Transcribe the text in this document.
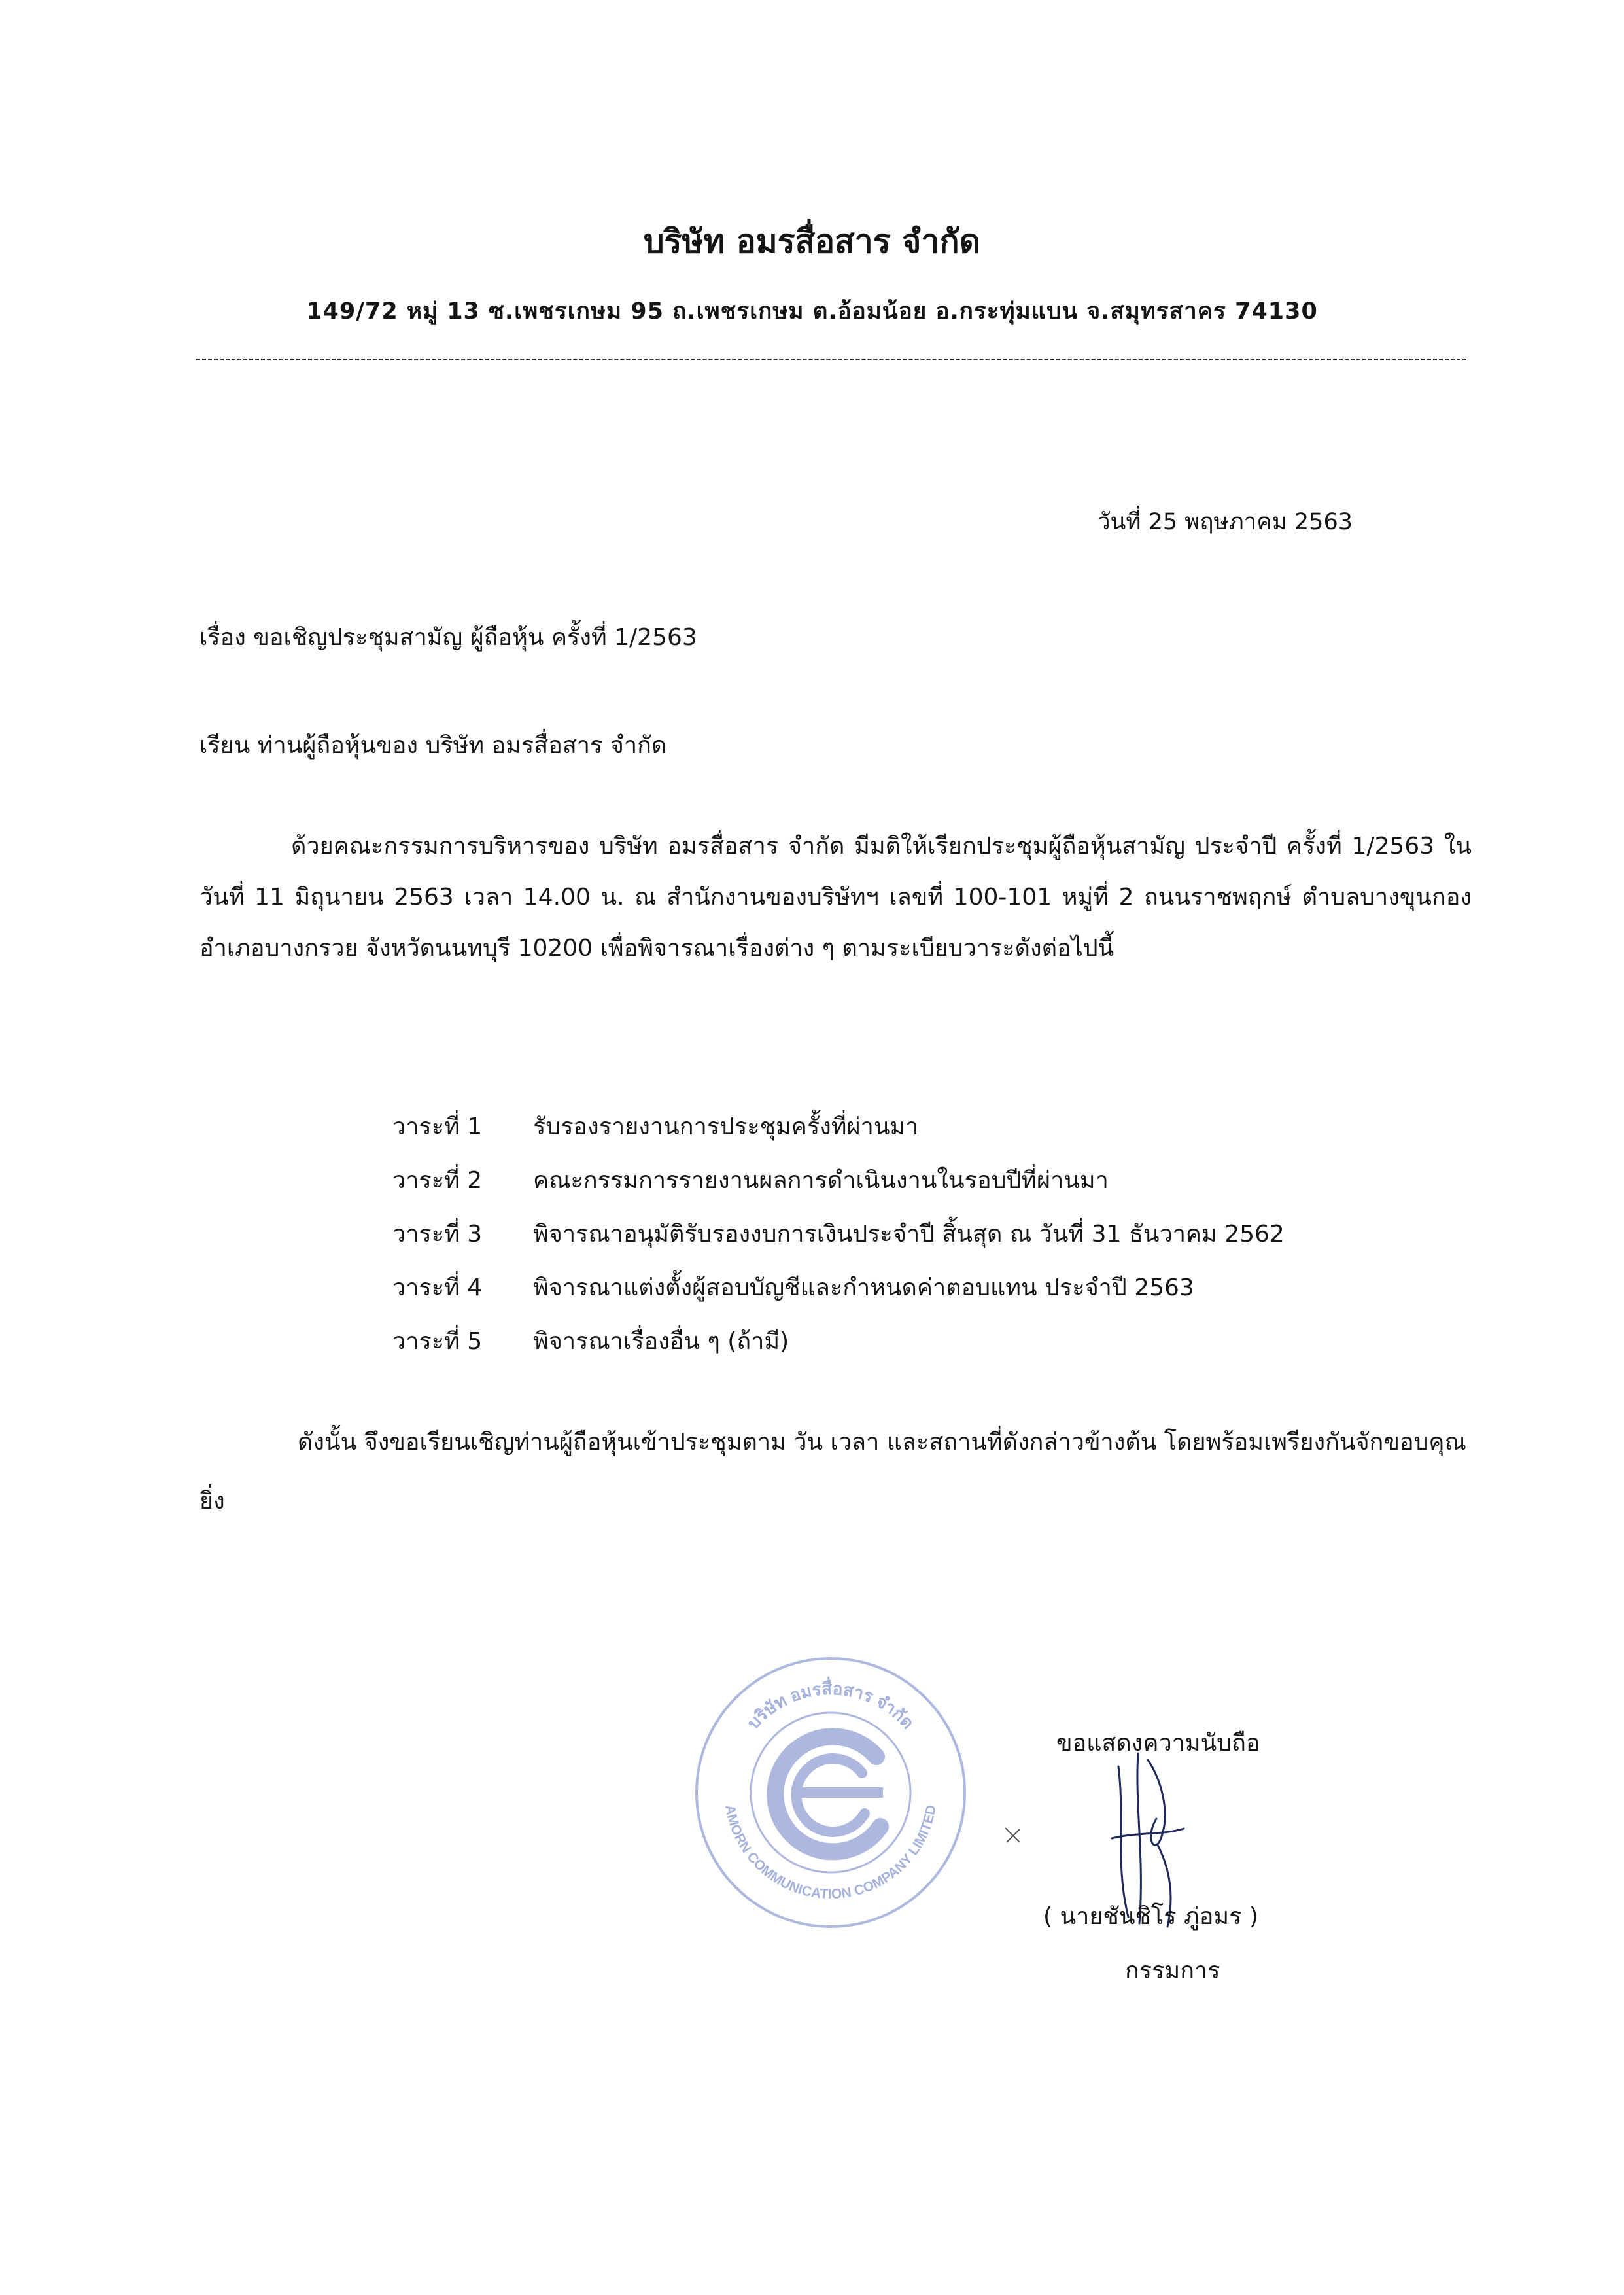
บริษัท อมรสื่อสาร จำกัด
149/72 หมู่ 13 ซ.เพชรเกษม 95 ถ.เพชรเกษม ต.อ้อมน้อย อ.กระทุ่มแบน จ.สมุทรสาคร 74130
วันที่ 25 พฤษภาคม 2563
เรื่อง ขอเชิญประชุมสามัญ ผู้ถือหุ้น ครั้งที่ 1/2563
เรียน ท่านผู้ถือหุ้นของ บริษัท อมรสื่อสาร จำกัด
ด้วยคณะกรรมการบริหารของ บริษัท อมรสื่อสาร จำกัด มีมติให้เรียกประชุมผู้ถือหุ้นสามัญ ประจำปี ครั้งที่ 1/2563 ในวันที่ 11 มิถุนายน 2563 เวลา 14.00 น. ณ สำนักงานของบริษัทฯ เลขที่ 100-101 หมู่ที่ 2 ถนนราชพฤกษ์ ตำบลบางขุนกอง อำเภอบางกรวย จังหวัดนนทบุรี 10200 เพื่อพิจารณาเรื่องต่าง ๆ ตามระเบียบวาระดังต่อไปนี้
วาระที่ 1	รับรองรายงานการประชุมครั้งที่ผ่านมา
วาระที่ 2	คณะกรรมการรายงานผลการดำเนินงานในรอบปีที่ผ่านมา
วาระที่ 3	พิจารณาอนุมัติรับรองงบการเงินประจำปี สิ้นสุด ณ วันที่ 31 ธันวาคม 2562
วาระที่ 4	พิจารณาแต่งตั้งผู้สอบบัญชีและกำหนดค่าตอบแทน ประจำปี 2563
วาระที่ 5	พิจารณาเรื่องอื่น ๆ (ถ้ามี)
ดังนั้น จึงขอเรียนเชิญท่านผู้ถือหุ้นเข้าประชุมตาม วัน เวลา และสถานที่ดังกล่าวข้างต้น โดยพร้อมเพรียงกันจักขอบคุณยิ่ง
บริษัท อมรสื่อสาร จำกัด
AMORN COMMUNICATION COMPANY LIMITED
ขอแสดงความนับถือ
( นายชันชิโร ภู่อมร )
กรรมการ
